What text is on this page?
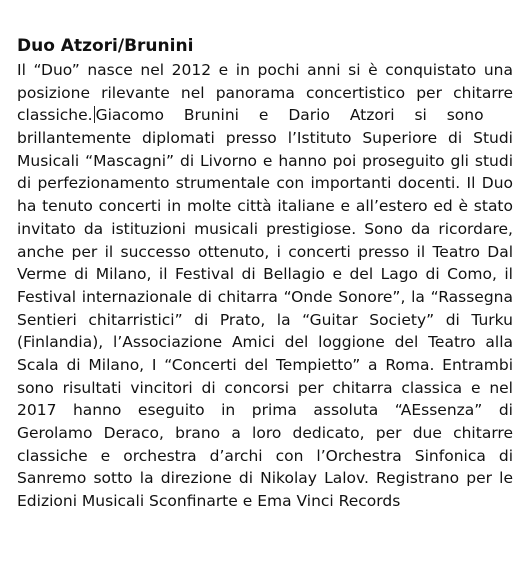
Duo Atzori/Brunini
Il “Duo” nasce nel 2012 e in pochi anni si è conquistato una
posizione rilevante nel panorama concertistico per chitarre
classiche. Giacomo Brunini e Dario Atzori si sono
brillantemente diplomati presso l’Istituto Superiore di Studi
Musicali “Mascagni” di Livorno e hanno poi proseguito gli studi
di perfezionamento strumentale con importanti docenti. Il Duo
ha tenuto concerti in molte città italiane e all’estero ed è stato
invitato da istituzioni musicali prestigiose. Sono da ricordare,
anche per il successo ottenuto, i concerti presso il Teatro Dal
Verme di Milano, il Festival di Bellagio e del Lago di Como, il
Festival internazionale di chitarra “Onde Sonore”, la “Rassegna
Sentieri chitarristici” di Prato, la “Guitar Society” di Turku
(Finlandia), l’Associazione Amici del loggione del Teatro alla
Scala di Milano, I “Concerti del Tempietto” a Roma. Entrambi
sono risultati vincitori di concorsi per chitarra classica e nel
2017 hanno eseguito in prima assoluta “AEssenza” di
Gerolamo Deraco, brano a loro dedicato, per due chitarre
classiche e orchestra d’archi con l’Orchestra Sinfonica di
Sanremo sotto la direzione di Nikolay Lalov. Registrano per le
Edizioni Musicali Sconfinarte e Ema Vinci Records
